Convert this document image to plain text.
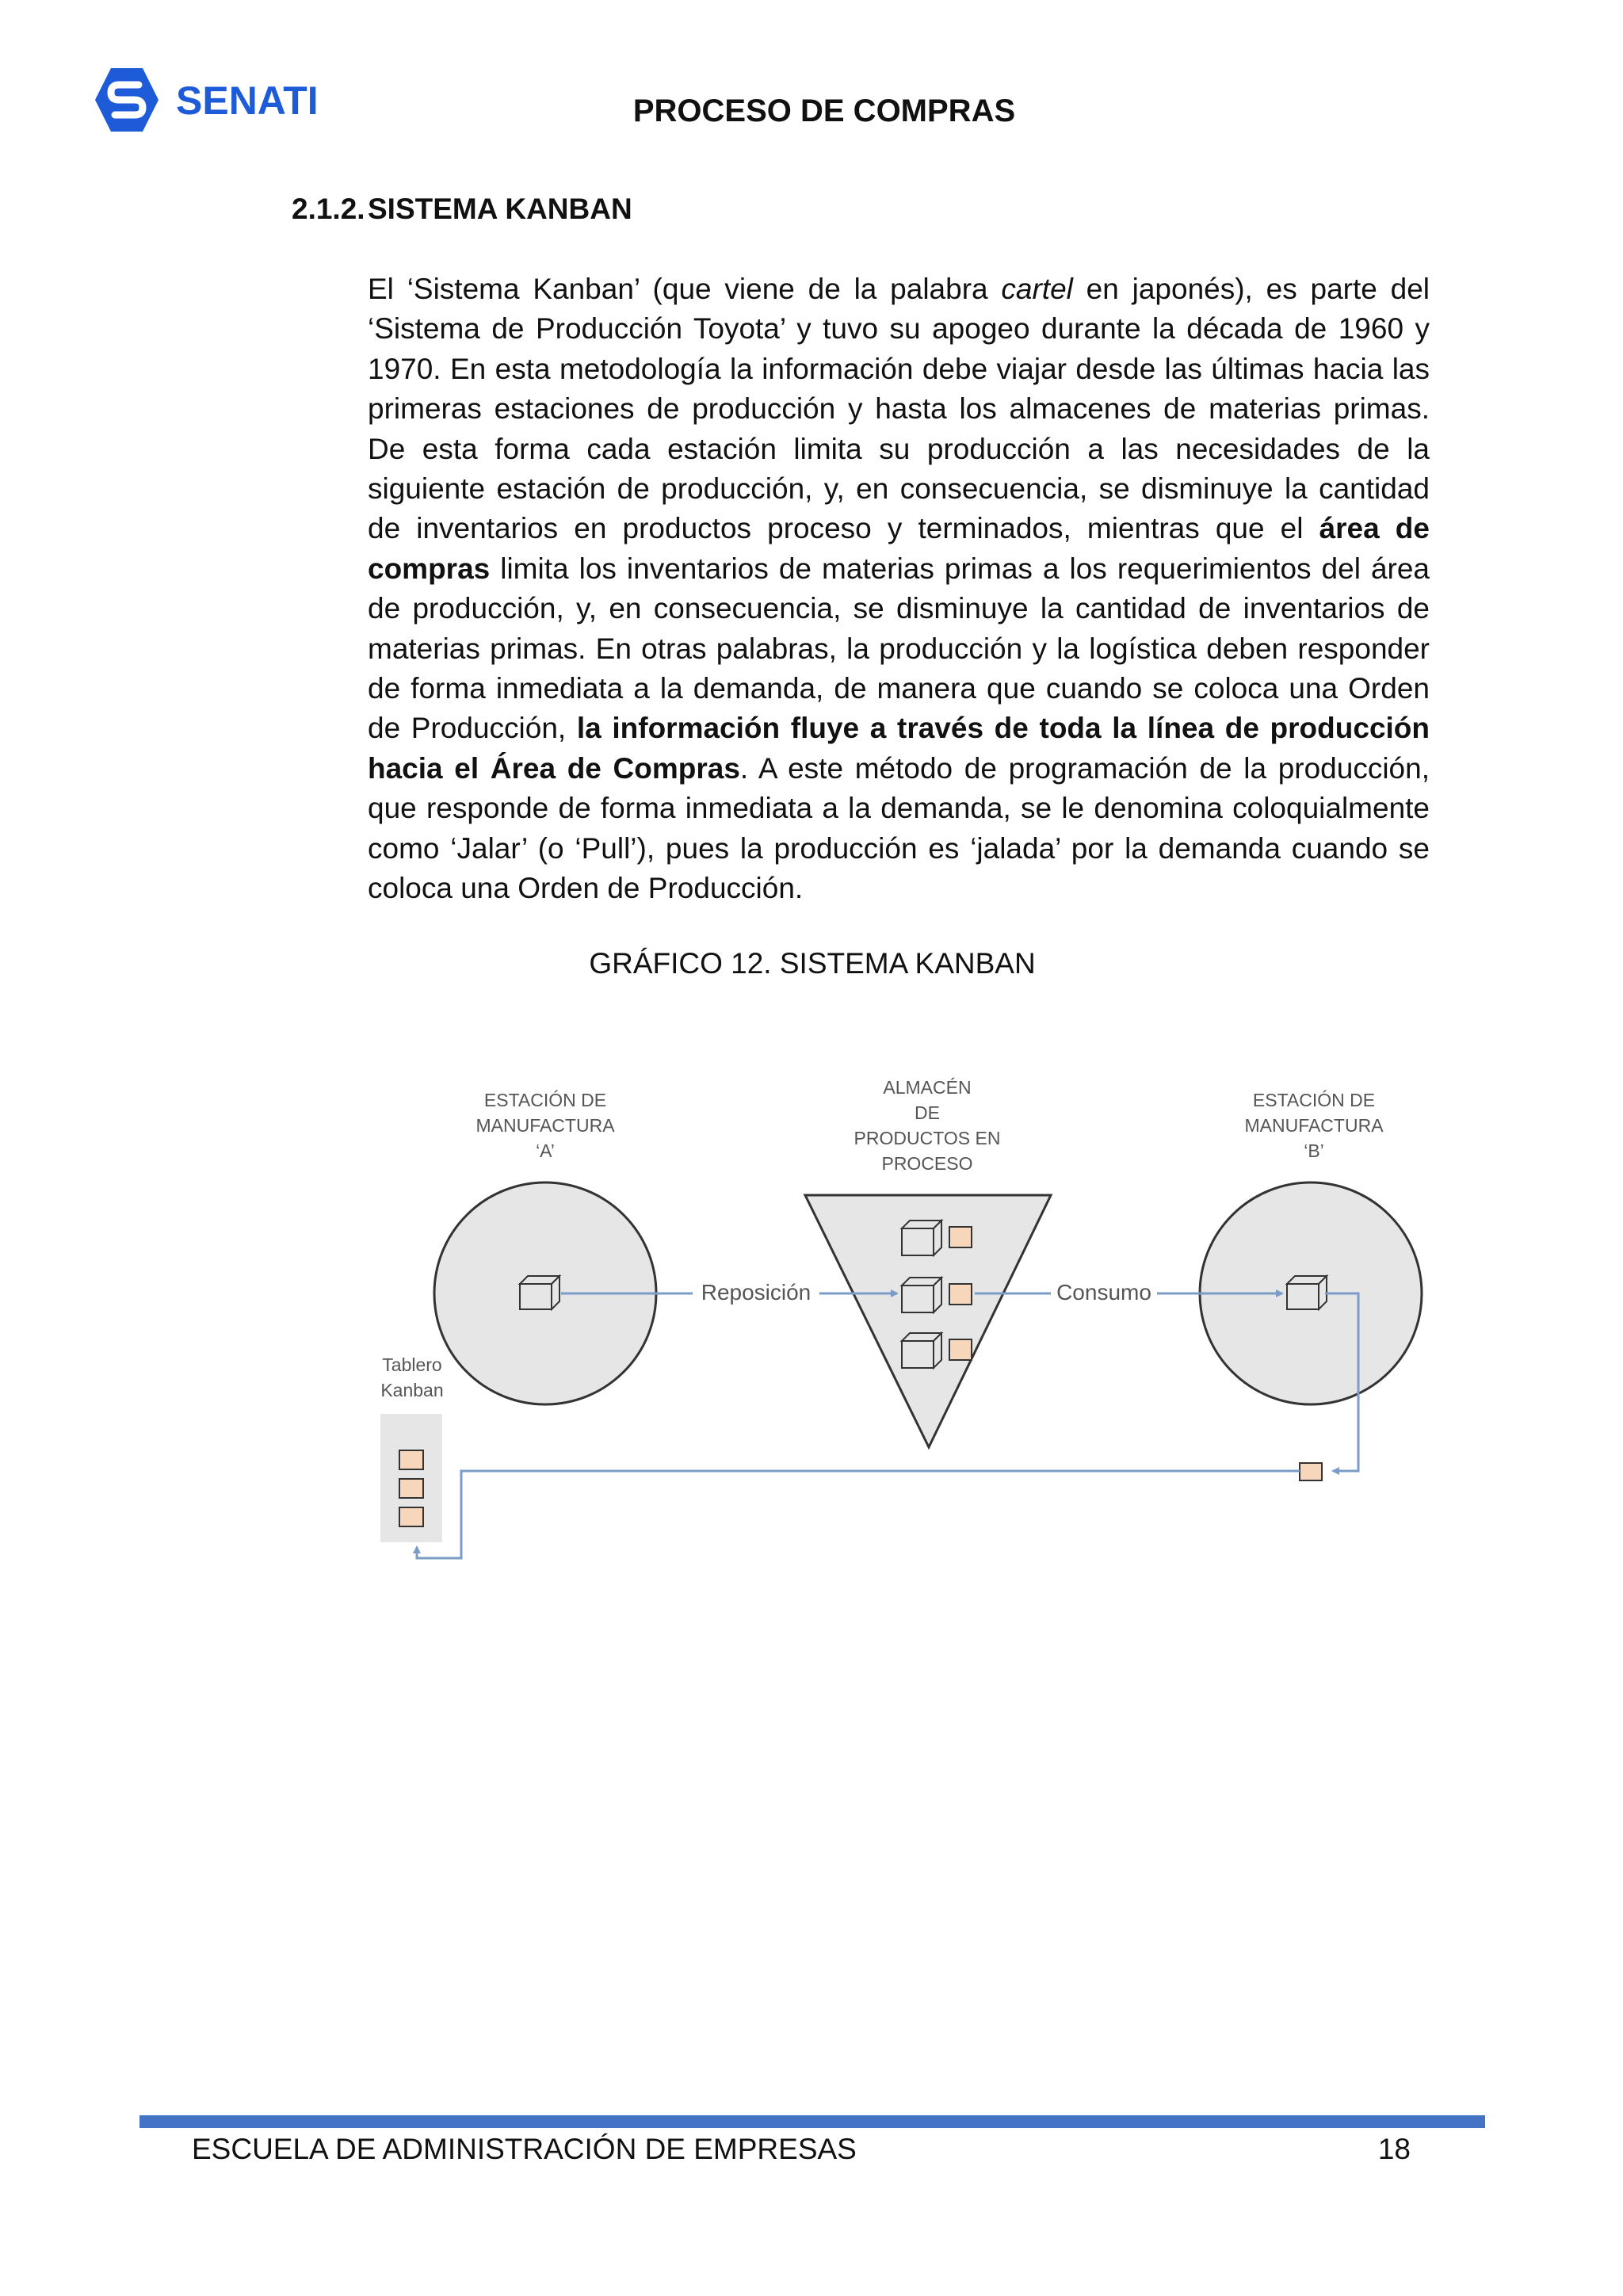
SENATI	PROCESO DE COMPRAS
2.1.2.SISTEMA KANBAN
El ‘Sistema Kanban’ (que viene de la palabra cartel en japonés), es parte del ‘Sistema de Producción Toyota’ y tuvo su apogeo durante la década de 1960 y 1970. En esta metodología la información debe viajar desde las últimas hacia las primeras estaciones de producción y hasta los almacenes de materias primas. De esta forma cada estación limita su producción a las necesidades de la siguiente estación de producción, y, en consecuencia, se disminuye la cantidad de inventarios en productos proceso y terminados, mientras que el área de compras limita los inventarios de materias primas a los requerimientos del área de producción, y, en consecuencia, se disminuye la cantidad de inventarios de materias primas. En otras palabras, la producción y la logística deben responder de forma inmediata a la demanda, de manera que cuando se coloca una Orden de Producción, la información fluye a través de toda la línea de producción hacia el Área de Compras. A este método de programación de la producción, que responde de forma inmediata a la demanda, se le denomina coloquialmente como ‘Jalar’ (o ‘Pull’), pues la producción es ‘jalada’ por la demanda cuando se coloca una Orden de Producción.
GRÁFICO 12. SISTEMA KANBAN
ESTACIÓN DE
MANUFACTURA
‘A’
ALMACÉN
DE
PRODUCTOS EN
PROCESO
ESTACIÓN DE
MANUFACTURA
‘B’
Reposición	Consumo
Tablero
Kanban
ESCUELA DE ADMINISTRACIÓN DE EMPRESAS	18
